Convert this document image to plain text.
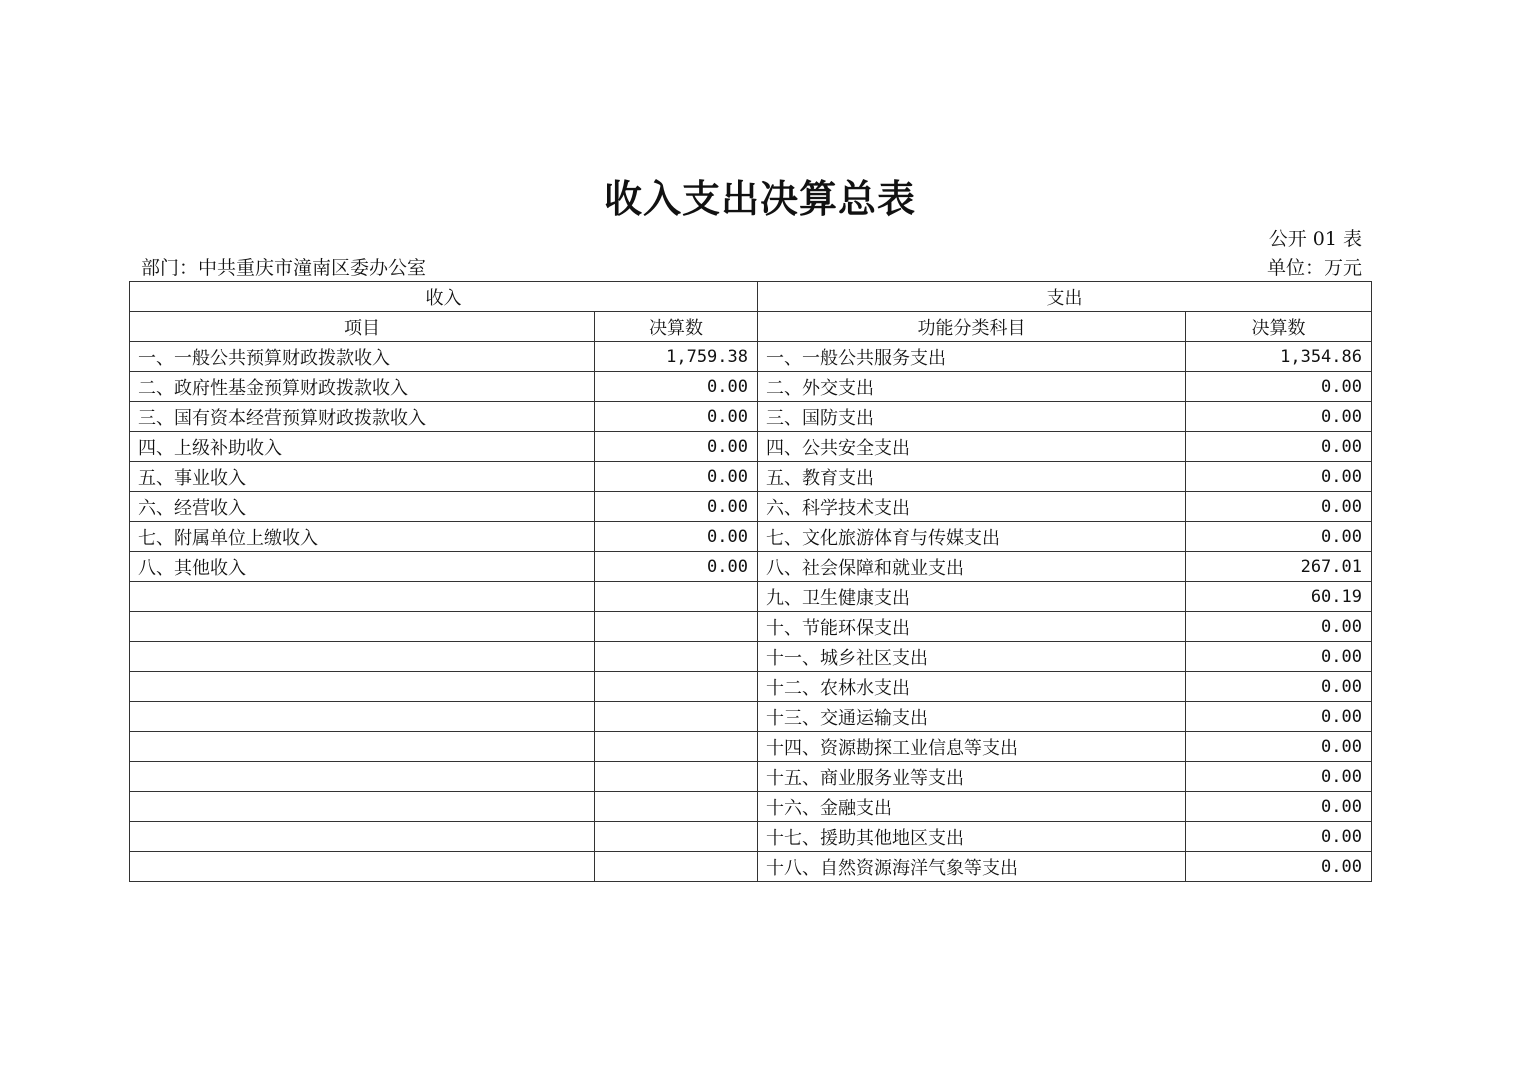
收入支出决算总表
公开 01 表
部门：中共重庆市潼南区委办公室	单位：万元
收入		支出	
项目	决算数	功能分类科目	决算数
一、一般公共预算财政拨款收入	1,759.38	一、一般公共服务支出	1,354.86
二、政府性基金预算财政拨款收入	0.00	二、外交支出	0.00
三、国有资本经营预算财政拨款收入	0.00	三、国防支出	0.00
四、上级补助收入	0.00	四、公共安全支出	0.00
五、事业收入	0.00	五、教育支出	0.00
六、经营收入	0.00	六、科学技术支出	0.00
七、附属单位上缴收入	0.00	七、文化旅游体育与传媒支出	0.00
八、其他收入	0.00	八、社会保障和就业支出	267.01
		九、卫生健康支出	60.19
		十、节能环保支出	0.00
		十一、城乡社区支出	0.00
		十二、农林水支出	0.00
		十三、交通运输支出	0.00
		十四、资源勘探工业信息等支出	0.00
		十五、商业服务业等支出	0.00
		十六、金融支出	0.00
		十七、援助其他地区支出	0.00
		十八、自然资源海洋气象等支出	0.00
